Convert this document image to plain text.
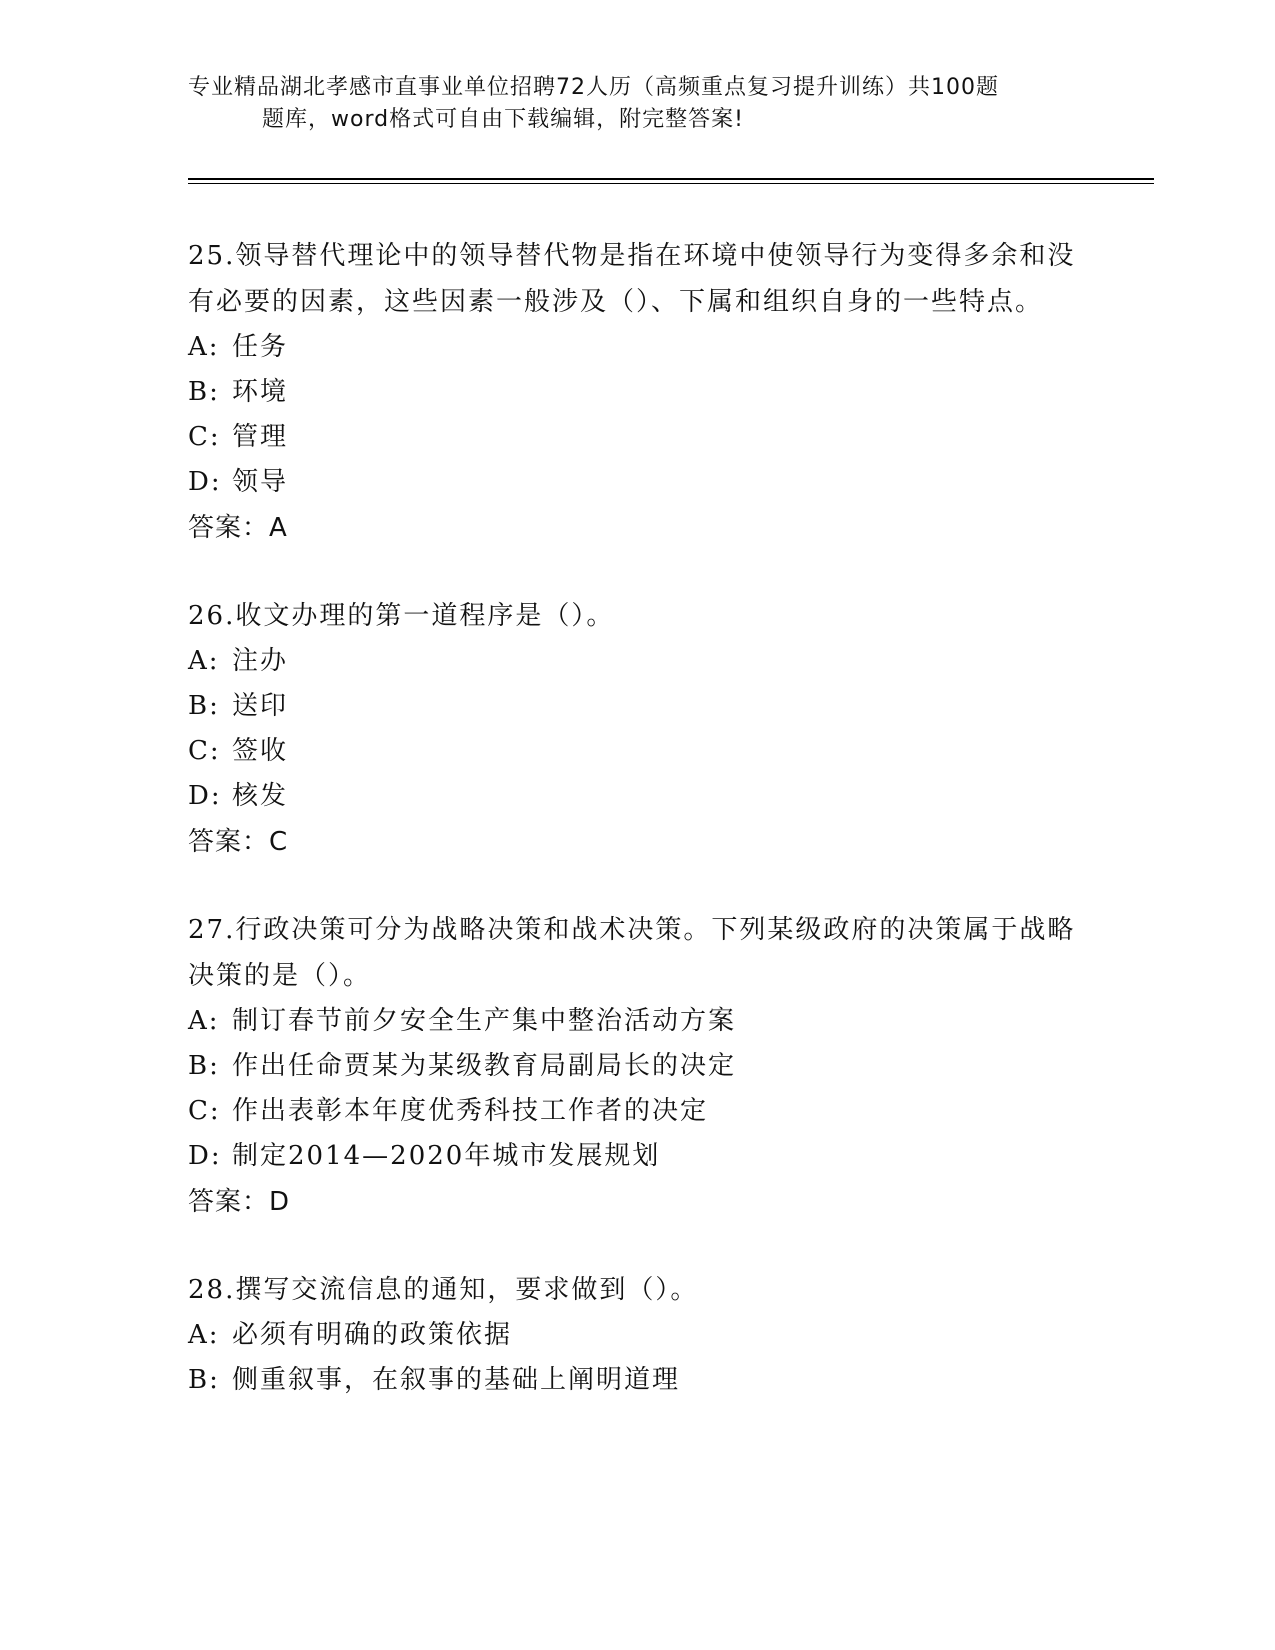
专业精品湖北孝感市直事业单位招聘72人历（高频重点复习提升训练）共100题
题库，word格式可自由下载编辑，附完整答案!

25.领导替代理论中的领导替代物是指在环境中使领导行为变得多余和没有必要的因素，这些因素一般涉及（）、下属和组织自身的一些特点。

A: 任务
B: 环境
C: 管理
D: 领导
答案：A

26.收文办理的第一道程序是（）。

A: 注办
B: 送印
C: 签收
D: 核发
答案：C

27.行政决策可分为战略决策和战术决策。下列某级政府的决策属于战略决策的是（）。

A: 制订春节前夕安全生产集中整治活动方案
B: 作出任命贾某为某级教育局副局长的决定
C: 作出表彰本年度优秀科技工作者的决定
D: 制定2014—2020年城市发展规划
答案：D

28.撰写交流信息的通知，要求做到（）。

A: 必须有明确的政策依据
B: 侧重叙事，在叙事的基础上阐明道理
